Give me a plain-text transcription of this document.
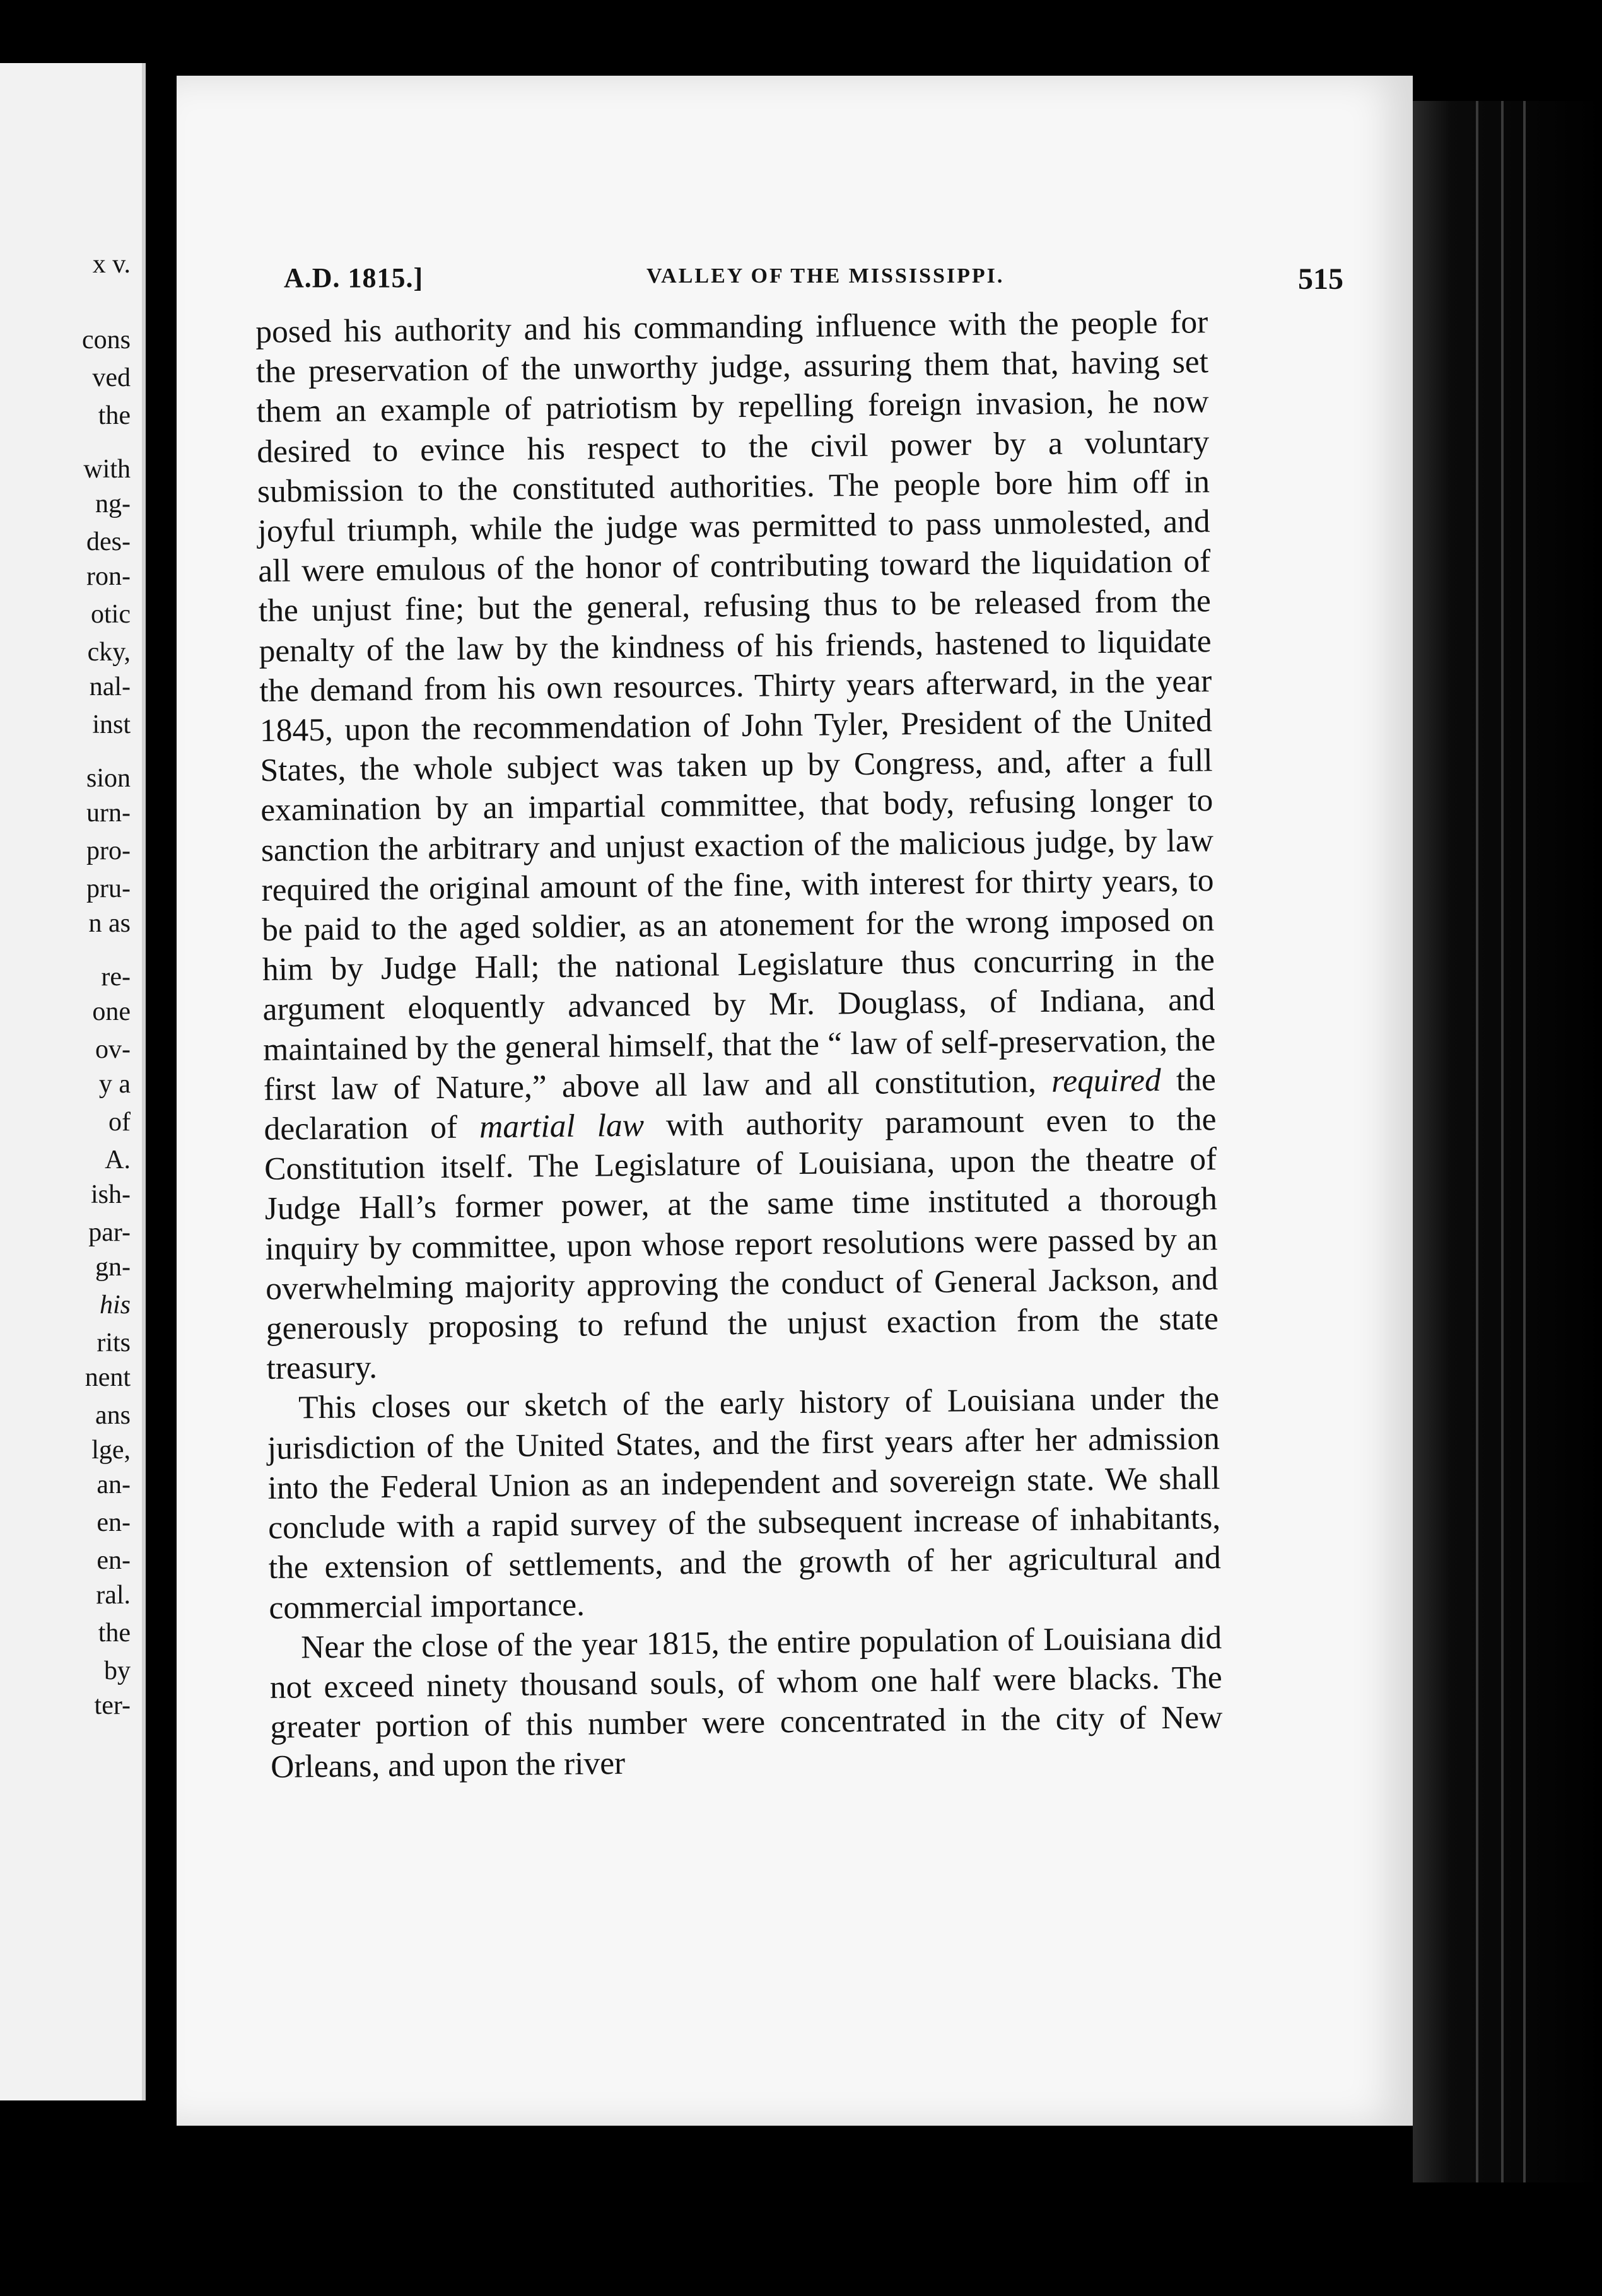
x v.
cons
ved
the
with
ng-
des-
ron-
otic
cky,
nal-
inst
sion
urn-
pro-
pru-
n as
re-
one
ov-
y a
of
A.
ish-
par-
gn-
his
rits
nent
ans
lge,
an-
en-
en-
ral.
the
by
ter-
A.D. 1815.]	VALLEY OF THE MISSISSIPPI.	515

posed his authority and his commanding influence with the people for the preservation of the unworthy judge, assuring them that, having set them an example of patriotism by repelling foreign invasion, he now desired to evince his respect to the civil power by a voluntary submission to the constituted authorities. The people bore him off in joyful triumph, while the judge was permitted to pass unmolested, and all were emulous of the honor of contributing toward the liquidation of the unjust fine; but the general, refusing thus to be released from the penalty of the law by the kindness of his friends, hastened to liquidate the demand from his own resources. Thirty years afterward, in the year 1845, upon the recommendation of John Tyler, President of the United States, the whole subject was taken up by Congress, and, after a full examination by an impartial committee, that body, refusing longer to sanction the arbitrary and unjust exaction of the malicious judge, by law required the original amount of the fine, with interest for thirty years, to be paid to the aged soldier, as an atonement for the wrong imposed on him by Judge Hall; the national Legislature thus concurring in the argument eloquently advanced by Mr. Douglass, of Indiana, and maintained by the general himself, that the “ law of self-preservation, the first law of Nature,” above all law and all constitution, required the declaration of martial law with authority paramount even to the Constitution itself. The Legislature of Louisiana, upon the theatre of Judge Hall’s former power, at the same time instituted a thorough inquiry by committee, upon whose report resolutions were passed by an overwhelming majority approving the conduct of General Jackson, and generously proposing to refund the unjust exaction from the state treasury.

This closes our sketch of the early history of Louisiana under the jurisdiction of the United States, and the first years after her admission into the Federal Union as an independent and sovereign state. We shall conclude with a rapid survey of the subsequent increase of inhabitants, the extension of settlements, and the growth of her agricultural and commercial importance.

Near the close of the year 1815, the entire population of Louisiana did not exceed ninety thousand souls, of whom one half were blacks. The greater portion of this number were concentrated in the city of New Orleans, and upon the river
